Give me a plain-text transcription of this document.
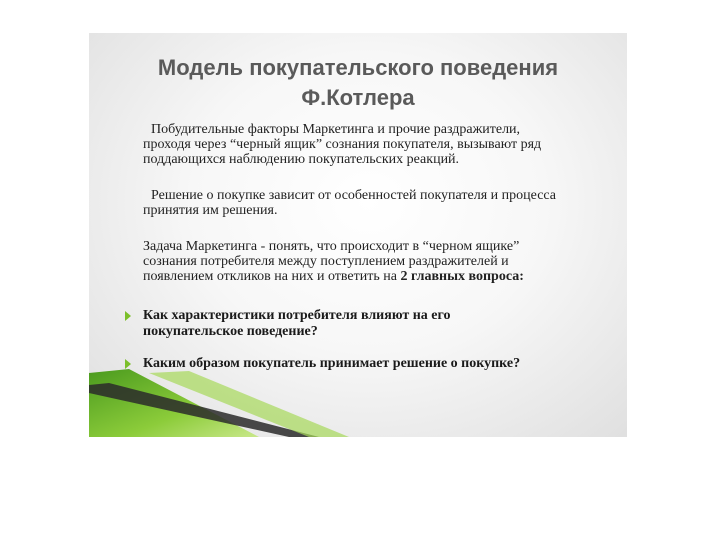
Модель покупательского поведения
Ф.Котлера

Побудительные факторы Маркетинга и прочие раздражители,
проходя через “черный ящик” сознания покупателя, вызывают ряд
поддающихся наблюдению покупательских реакций.

Решение о покупке зависит от особенностей покупателя и процесса
принятия им решения.

Задача Маркетинга - понять, что происходит в “черном ящике”
сознания потребителя между поступлением раздражителей и
появлением откликов на них и ответить на 2 главных вопроса:

Как характеристики потребителя влияют на его
покупательское поведение?
Каким образом покупатель принимает решение о покупке?
